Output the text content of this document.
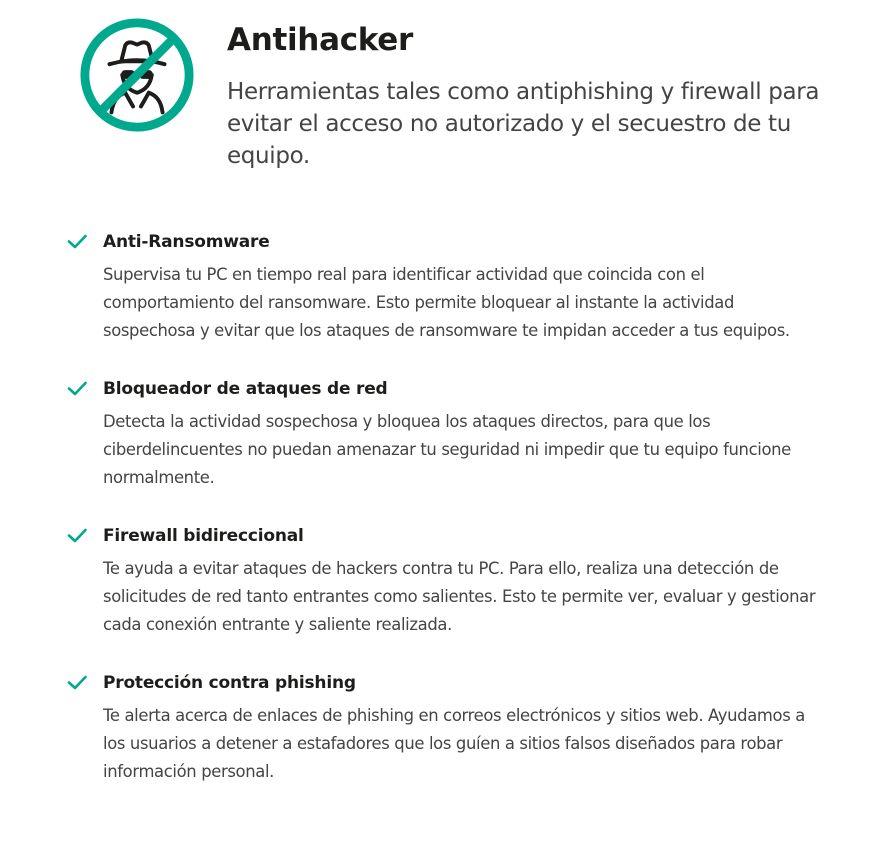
Antihacker

Herramientas tales como antiphishing y firewall para evitar el acceso no autorizado y el secuestro de tu equipo.

Anti-Ransomware

Supervisa tu PC en tiempo real para identificar actividad que coincida con el comportamiento del ransomware. Esto permite bloquear al instante la actividad sospechosa y evitar que los ataques de ransomware te impidan acceder a tus equipos.

Bloqueador de ataques de red

Detecta la actividad sospechosa y bloquea los ataques directos, para que los ciberdelincuentes no puedan amenazar tu seguridad ni impedir que tu equipo funcione normalmente.

Firewall bidireccional

Te ayuda a evitar ataques de hackers contra tu PC. Para ello, realiza una detección de solicitudes de red tanto entrantes como salientes. Esto te permite ver, evaluar y gestionar cada conexión entrante y saliente realizada.

Protección contra phishing

Te alerta acerca de enlaces de phishing en correos electrónicos y sitios web. Ayudamos a los usuarios a detener a estafadores que los guíen a sitios falsos diseñados para robar información personal.
